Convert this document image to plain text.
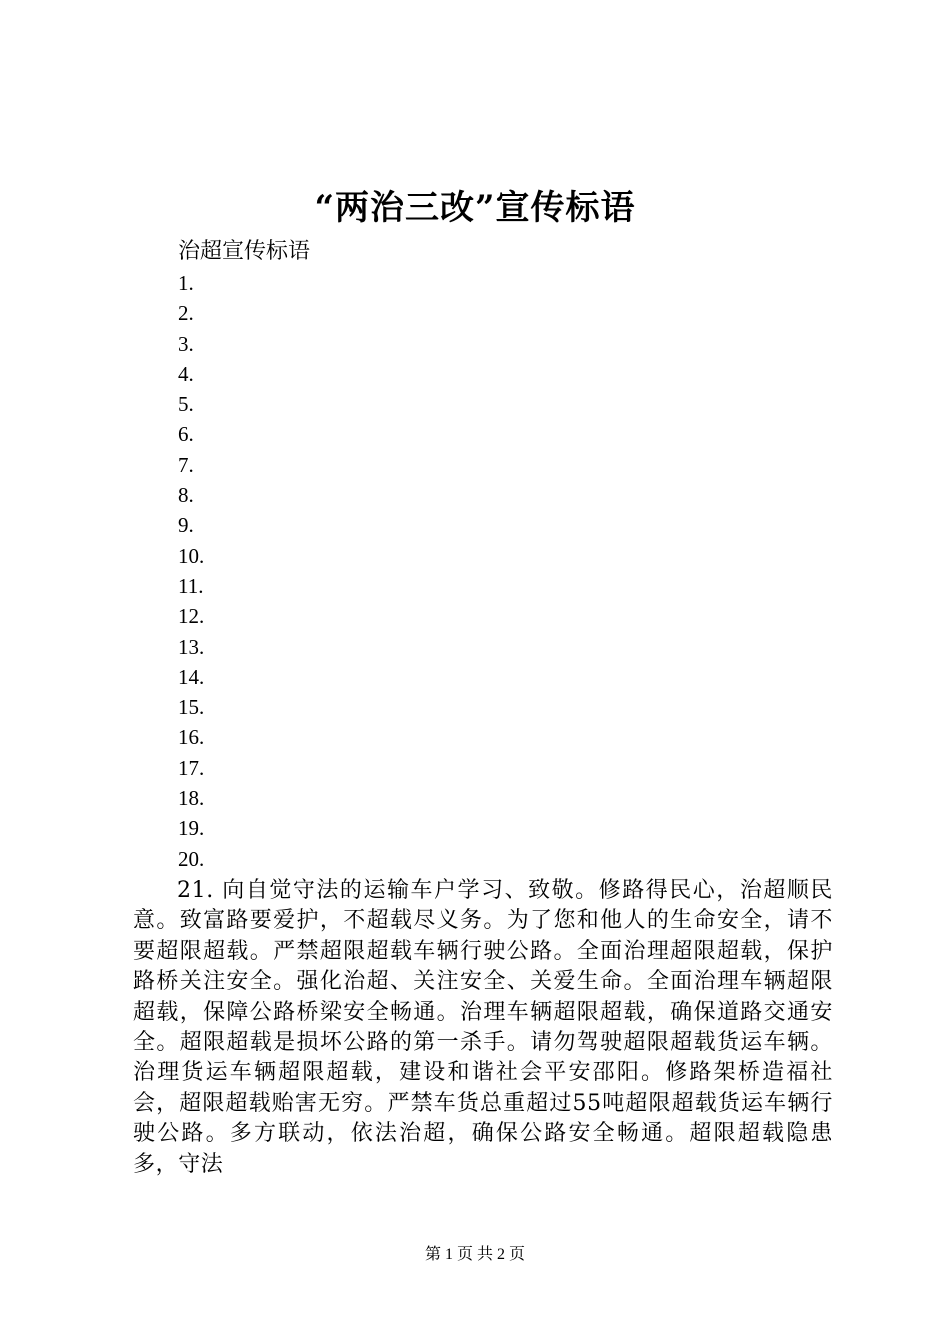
“两治三改”宣传标语
治超宣传标语
1.
2.
3.
4.
5.
6.
7.
8.
9.
10.
11.
12.
13.
14.
15.
16.
17.
18.
19.
20.

21. 向自觉守法的运输车户学习、致敬。修路得民心，治超顺民意。致富路要爱护，不超载尽义务。为了您和他人的生命安全，请不要超限超载。严禁超限超载车辆行驶公路。全面治理超限超载，保护路桥关注安全。强化治超、关注安全、关爱生命。全面治理车辆超限超载，保障公路桥梁安全畅通。治理车辆超限超载，确保道路交通安全。超限超载是损坏公路的第一杀手。请勿驾驶超限超载货运车辆。治理货运车辆超限超载，建设和谐社会平安邵阳。修路架桥造福社会，超限超载贻害无穷。严禁车货总重超过55吨超限超载货运车辆行驶公路。多方联动，依法治超，确保公路安全畅通。超限超载隐患多，守法

第 1 页 共 2 页
